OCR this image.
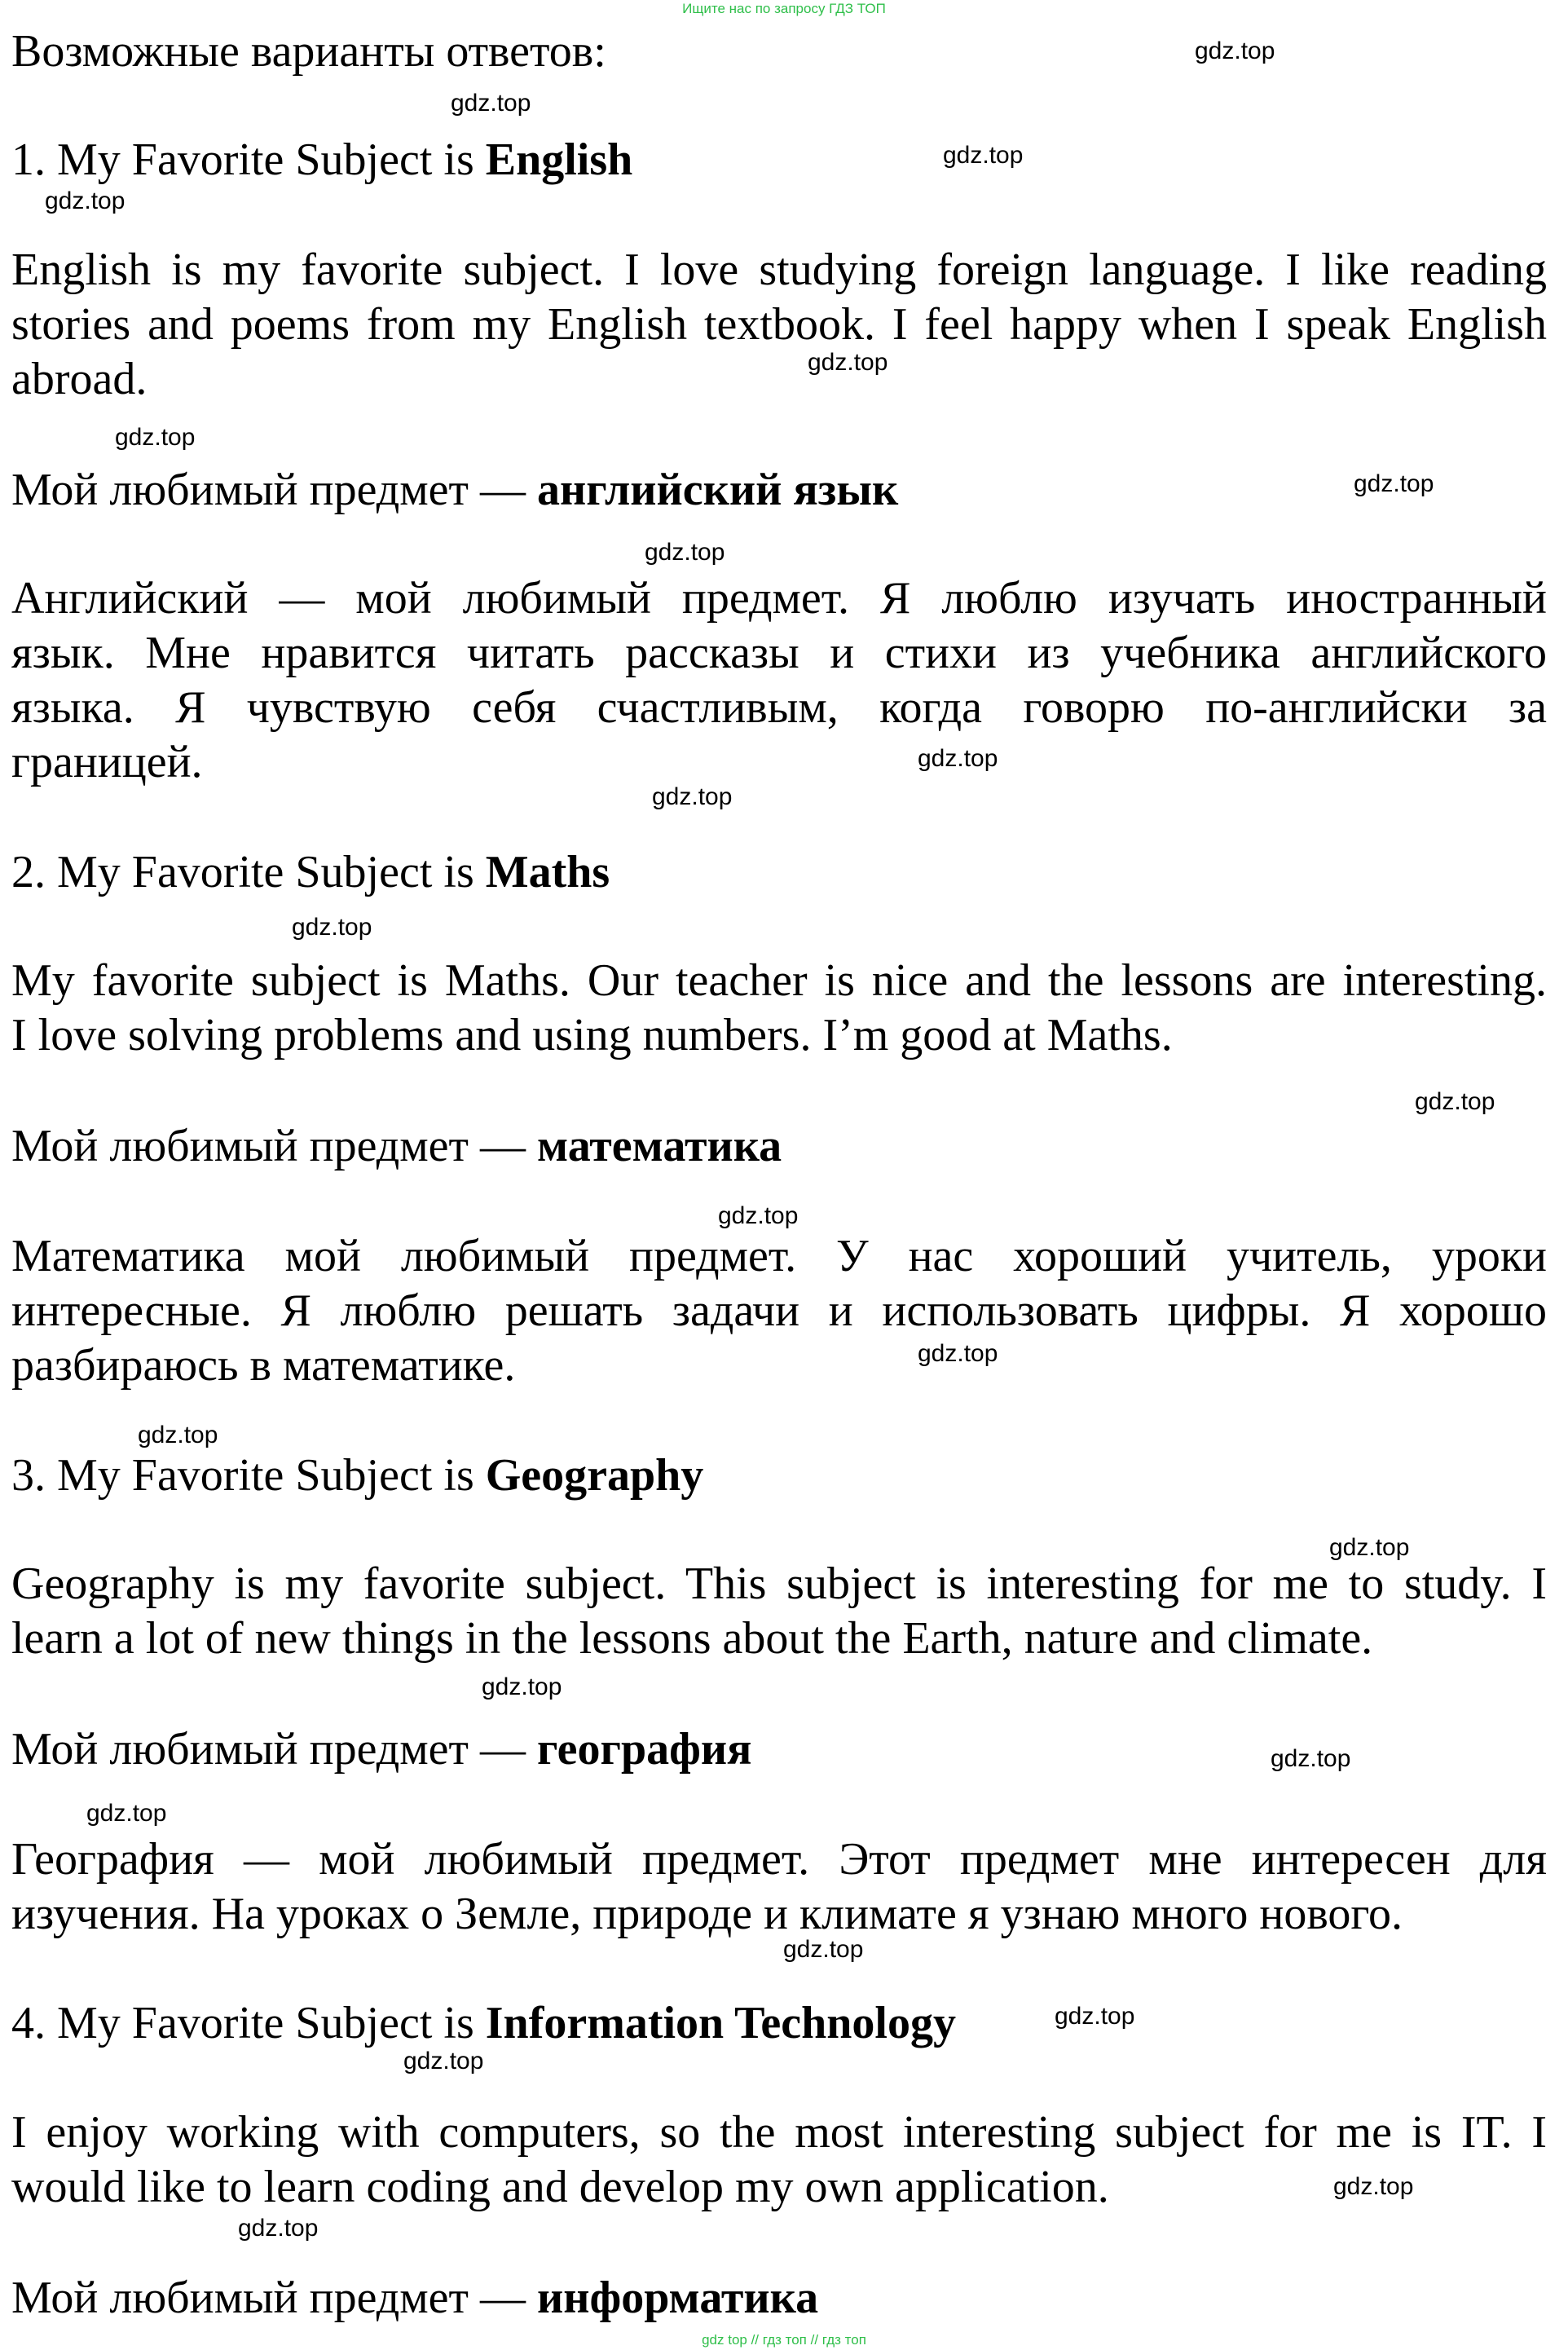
Ищите нас по запросу ГДЗ ТОП
Возможные варианты ответов:
1. My Favorite Subject is English
English is my favorite subject. I love studying foreign language. I like reading
stories and poems from my English textbook. I feel happy when I speak English
abroad.
Мой любимый предмет — английский язык
Английский — мой любимый предмет. Я люблю изучать иностранный
язык. Мне нравится читать рассказы и стихи из учебника английского
языка. Я чувствую себя счастливым, когда говорю по-английски за
границей.
2. My Favorite Subject is Maths
My favorite subject is Maths. Our teacher is nice and the lessons are interesting.
I love solving problems and using numbers. I’m good at Maths.
Мой любимый предмет — математика
Математика мой любимый предмет. У нас хороший учитель, уроки
интересные. Я люблю решать задачи и использовать цифры. Я хорошо
разбираюсь в математике.
3. My Favorite Subject is Geography
Geography is my favorite subject. This subject is interesting for me to study. I
learn a lot of new things in the lessons about the Earth, nature and climate.
Мой любимый предмет — география
География — мой любимый предмет. Этот предмет мне интересен для
изучения. На уроках о Земле, природе и климате я узнаю много нового.
4. My Favorite Subject is Information Technology
I enjoy working with computers, so the most interesting subject for me is IT. I
would like to learn coding and develop my own application.
Мой любимый предмет — информатика
gdz.top
gdz.top
gdz.top
gdz.top
gdz.top
gdz.top
gdz.top
gdz.top
gdz.top
gdz.top
gdz.top
gdz.top
gdz.top
gdz.top
gdz.top
gdz.top
gdz.top
gdz.top
gdz.top
gdz.top
gdz.top
gdz.top
gdz.top
gdz.top
gdz top // гдз топ // гдз топ
